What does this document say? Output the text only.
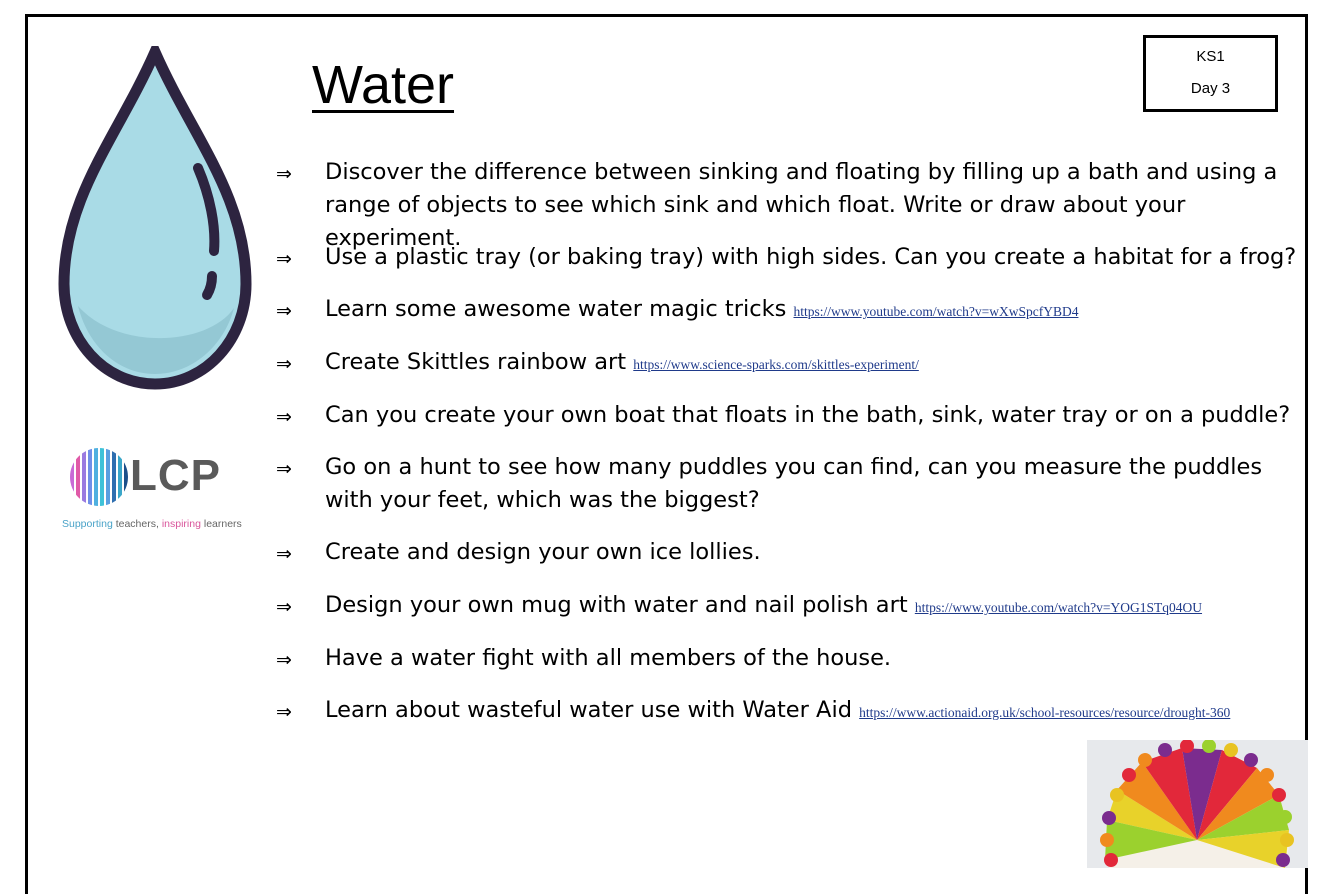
Water	KS1
Day 3
LCP
Supporting teachers, inspiring learners
⇒	Discover the difference between sinking and floating by filling up a bath and using a range of objects to see which sink and which float. Write or draw about your experiment.
⇒	Use a plastic tray (or baking tray) with high sides. Can you create a habitat for a frog?
⇒	Learn some awesome water magic tricks https://www.youtube.com/watch?v=wXwSpcfYBD4
⇒	Create Skittles rainbow art https://www.science-sparks.com/skittles-experiment/
⇒	Can you create your own boat that floats in the bath, sink, water tray or on a puddle?
⇒	Go on a hunt to see how many puddles you can find, can you measure the puddles with your feet, which was the biggest?
⇒	Create and design your own ice lollies.
⇒	Design your own mug with water and nail polish art https://www.youtube.com/watch?v=YOG1STq04OU
⇒	Have a water fight with all members of the house.
⇒	Learn about wasteful water use with Water Aid https://www.actionaid.org.uk/school-resources/resource/drought-360
